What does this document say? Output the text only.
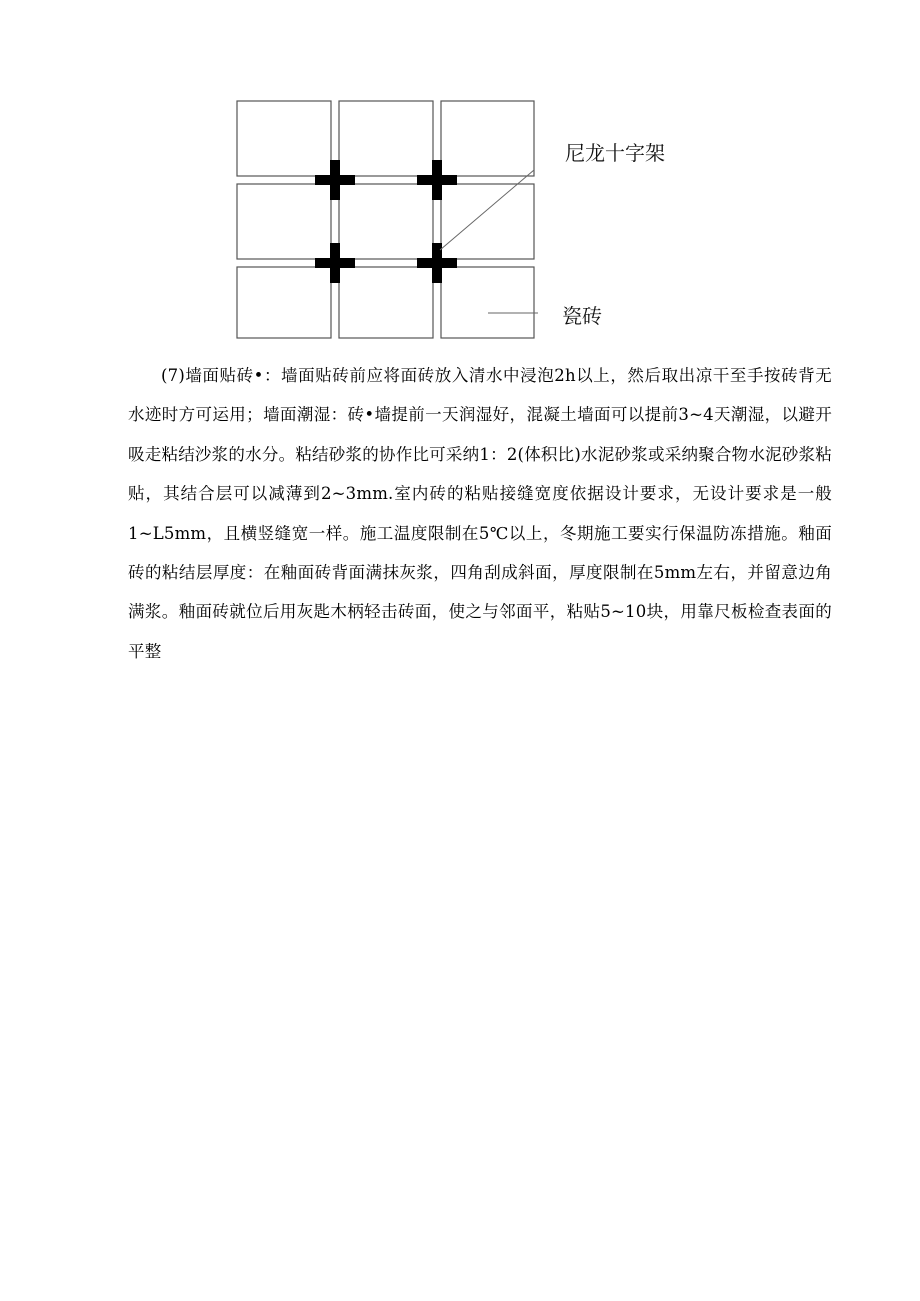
尼龙十字架
瓷砖

(7)墙面贴砖•：墙面贴砖前应将面砖放入清水中浸泡2h以上，然后取出凉干至手按砖背无水迹时方可运用；墙面潮湿：砖•墙提前一天润湿好，混凝土墙面可以提前3~4天潮湿，以避开吸走粘结沙浆的水分。粘结砂浆的协作比可采纳1：2(体积比)水泥砂浆或采纳聚合物水泥砂浆粘贴，其结合层可以减薄到2~3mm.室内砖的粘贴接缝宽度依据设计要求，无设计要求是一般1~L5mm，且横竖缝宽一样。施工温度限制在5℃以上，冬期施工要实行保温防冻措施。釉面砖的粘结层厚度：在釉面砖背面满抹灰浆，四角刮成斜面，厚度限制在5mm左右，并留意边角满浆。釉面砖就位后用灰匙木柄轻击砖面，使之与邻面平，粘贴5~10块，用靠尺板检查表面的平整
